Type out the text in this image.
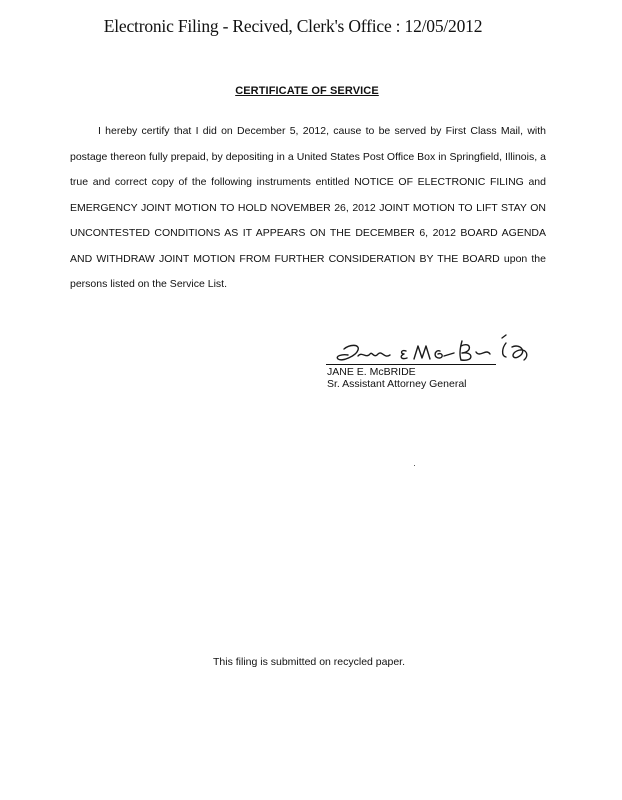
Electronic Filing - Recived, Clerk's Office : 12/05/2012
CERTIFICATE OF SERVICE

I hereby certify that I did on December 5, 2012, cause to be served by First Class Mail, with postage thereon fully prepaid, by depositing in a United States Post Office Box in Springfield, Illinois, a true and correct copy of the following instruments entitled NOTICE OF ELECTRONIC FILING and EMERGENCY JOINT MOTION TO HOLD NOVEMBER 26, 2012 JOINT MOTION TO LIFT STAY ON UNCONTESTED CONDITIONS AS IT APPEARS ON THE DECEMBER 6, 2012 BOARD AGENDA AND WITHDRAW JOINT MOTION FROM FURTHER CONSIDERATION BY THE BOARD upon the persons listed on the Service List.

JANE E. McBRIDE
Sr. Assistant Attorney General
This filing is submitted on recycled paper.
